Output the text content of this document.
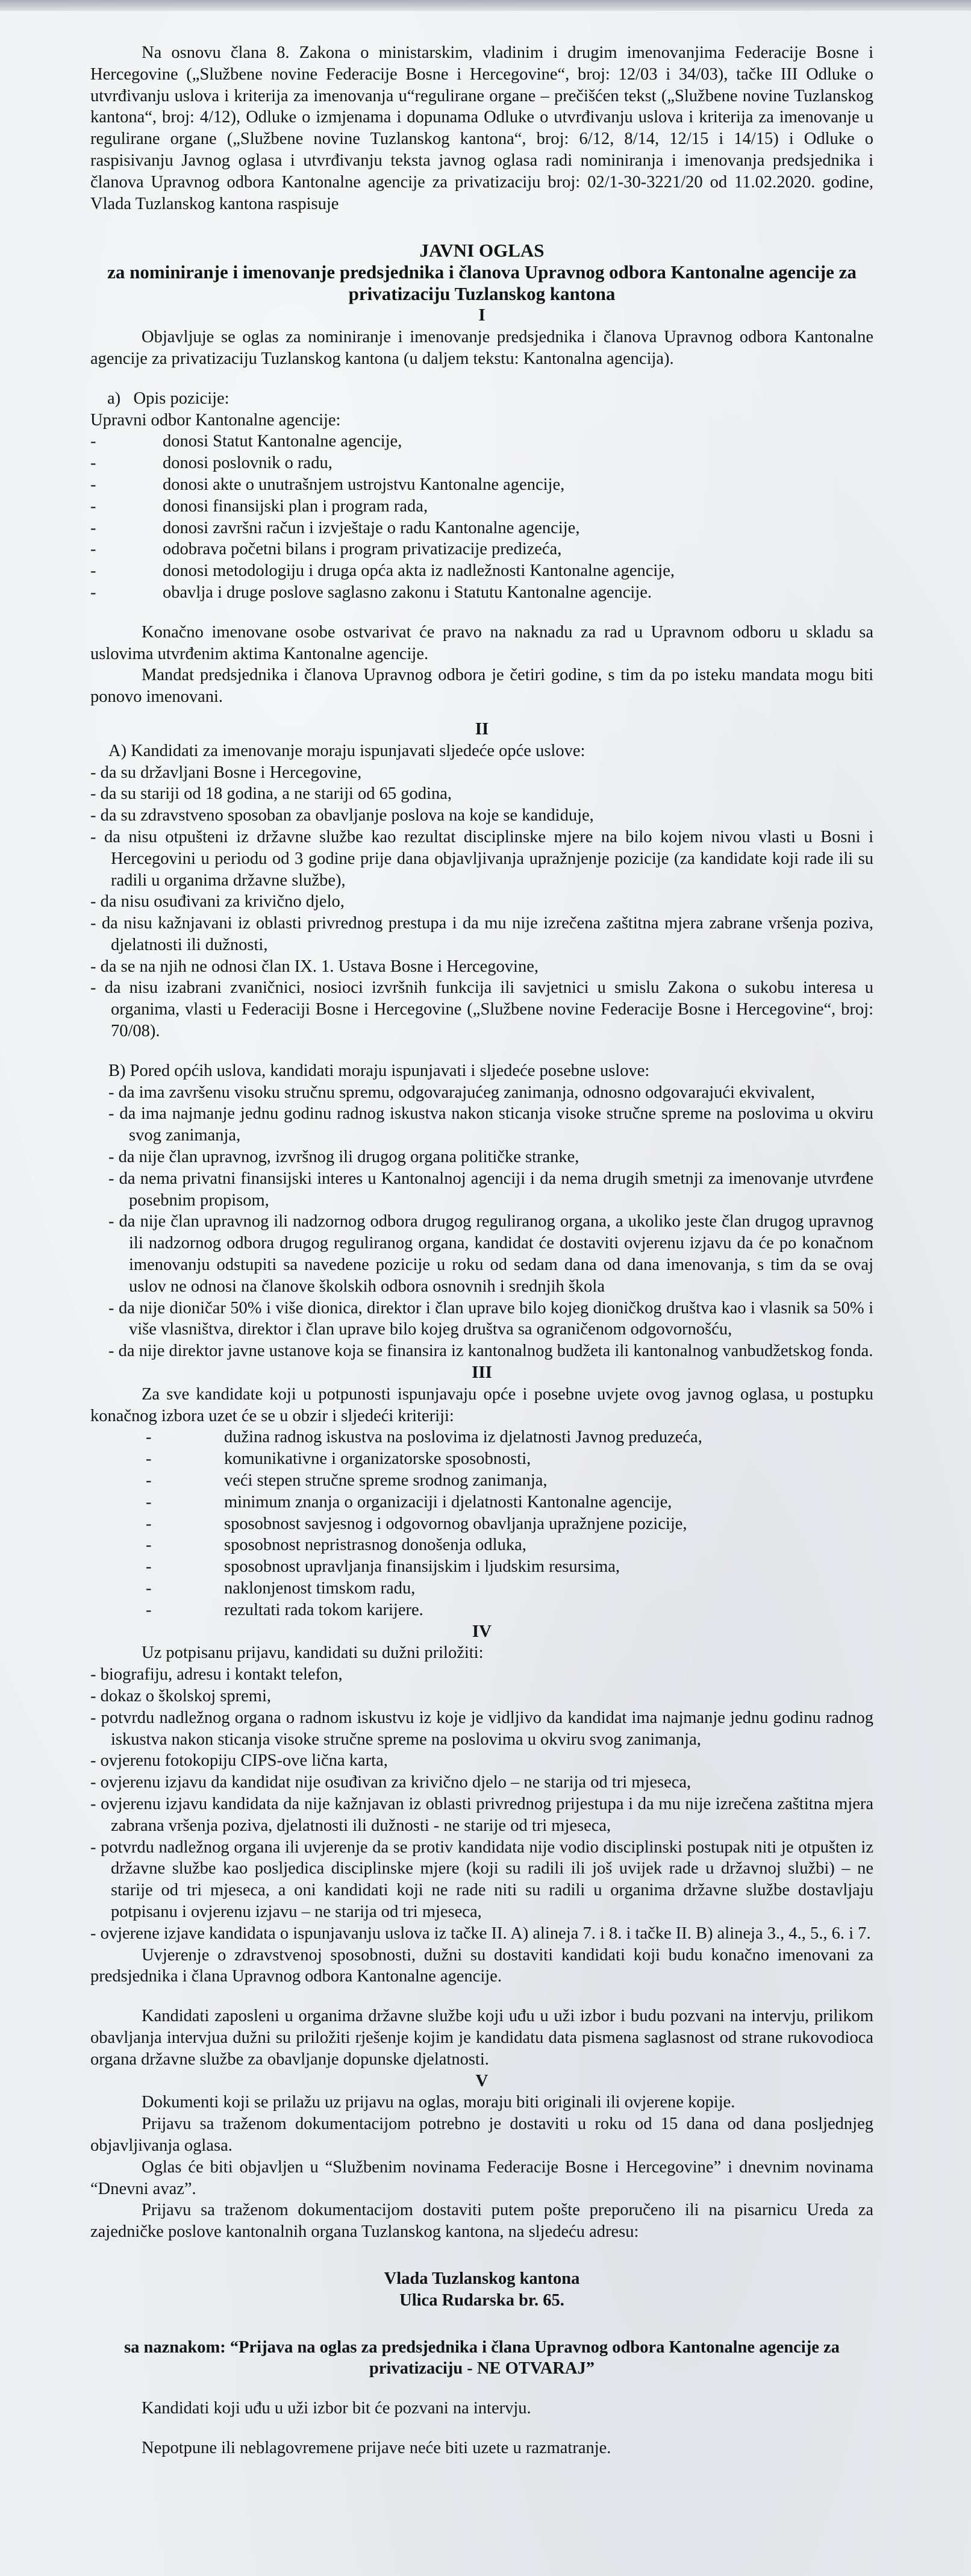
Na osnovu člana 8. Zakona o ministarskim, vladinim i drugim imenovanjima Federacije Bosne i Hercegovine („Službene novine Federacije Bosne i Hercegovine“, broj: 12/03 i 34/03), tačke III Odluke o utvrđivanju uslova i kriterija za imenovanja u“regulirane organe – prečišćen tekst („Službene novine Tuzlanskog kantona“, broj: 4/12), Odluke o izmjenama i dopunama Odluke o utvrđivanju uslova i kriterija za imenovanje u regulirane organe („Službene novine Tuzlanskog kantona“, broj: 6/12, 8/14, 12/15 i 14/15) i Odluke o raspisivanju Javnog oglasa i utvrđivanju teksta javnog oglasa radi nominiranja i imenovanja predsjednika i članova Upravnog odbora Kantonalne agencije za privatizaciju broj: 02/1-30-3221/20 od 11.02.2020. godine, Vlada Tuzlanskog kantona raspisuje

JAVNI OGLAS

za nominiranje i imenovanje predsjednika i članova Upravnog odbora Kantonalne agencije za privatizaciju Tuzlanskog kantona

I

Objavljuje se oglas za nominiranje i imenovanje predsjednika i članova Upravnog odbora Kantonalne agencije za privatizaciju Tuzlanskog kantona (u daljem tekstu: Kantonalna agencija).

a)   Opis pozicije:

Upravni odbor Kantonalne agencije:

- donosi Statut Kantonalne agencije,
- donosi poslovnik o radu,
- donosi akte o unutrašnjem ustrojstvu Kantonalne agencije,
- donosi finansijski plan i program rada,
- donosi završni račun i izvještaje o radu Kantonalne agencije,
- odobrava početni bilans i program privatizacije predizeća,
- donosi metodologiju i druga opća akta iz nadležnosti Kantonalne agencije,
- obavlja i druge poslove saglasno zakonu i Statutu Kantonalne agencije.

Konačno imenovane osobe ostvarivat će pravo na naknadu za rad u Upravnom odboru u skladu sa uslovima utvrđenim aktima Kantonalne agencije.

Mandat predsjednika i članova Upravnog odbora je četiri godine, s tim da po isteku mandata mogu biti ponovo imenovani.

II

A) Kandidati za imenovanje moraju ispunjavati sljedeće opće uslove:

- da su državljani Bosne i Hercegovine,
- da su stariji od 18 godina, a ne stariji od 65 godina,
- da su zdravstveno sposoban za obavljanje poslova na koje se kandiduje,
- da nisu otpušteni iz državne službe kao rezultat disciplinske mjere na bilo kojem nivou vlasti u Bosni i Hercegovini u periodu od 3 godine prije dana objavljivanja upražnjenje pozicije (za kandidate koji rade ili su radili u organima državne službe),
- da nisu osuđivani za krivično djelo,
- da nisu kažnjavani iz oblasti privrednog prestupa i da mu nije izrečena zaštitna mjera zabrane vršenja poziva, djelatnosti ili dužnosti,
- da se na njih ne odnosi član IX. 1. Ustava Bosne i Hercegovine,
- da nisu izabrani zvaničnici, nosioci izvršnih funkcija ili savjetnici u smislu Zakona o sukobu interesa u organima, vlasti u Federaciji Bosne i Hercegovine („Službene novine Federacije Bosne i Hercegovine“, broj: 70/08).

B) Pored općih uslova, kandidati moraju ispunjavati i sljedeće posebne uslove:

- da ima završenu visoku stručnu spremu, odgovarajućeg zanimanja, odnosno odgovarajući ekvivalent,
- da ima najmanje jednu godinu radnog iskustva nakon sticanja visoke stručne spreme na poslovima u okviru svog zanimanja,
- da nije član upravnog, izvršnog ili drugog organa političke stranke,
- da nema privatni finansijski interes u Kantonalnoj agenciji i da nema drugih smetnji za imenovanje utvrđene posebnim propisom,
- da nije član upravnog ili nadzornog odbora drugog reguliranog organa, a ukoliko jeste član drugog upravnog ili nadzornog odbora drugog reguliranog organa, kandidat će dostaviti ovjerenu izjavu da će po konačnom imenovanju odstupiti sa navedene pozicije u roku od sedam dana od dana imenovanja, s tim da se ovaj uslov ne odnosi na članove školskih odbora osnovnih i srednjih škola
- da nije dioničar 50% i više dionica, direktor i član uprave bilo kojeg dioničkog društva kao i vlasnik sa 50% i više vlasništva, direktor i član uprave bilo kojeg društva sa ograničenom odgovornošću,
- da nije direktor javne ustanove koja se finansira iz kantonalnog budžeta ili kantonalnog vanbudžetskog fonda.

III

Za sve kandidate koji u potpunosti ispunjavaju opće i posebne uvjete ovog javnog oglasa, u postupku konačnog izbora uzet će se u obzir i sljedeći kriteriji:

- dužina radnog iskustva na poslovima iz djelatnosti Javnog preduzeća,
- komunikativne i organizatorske sposobnosti,
- veći stepen stručne spreme srodnog zanimanja,
- minimum znanja o organizaciji i djelatnosti Kantonalne agencije,
- sposobnost savjesnog i odgovornog obavljanja upražnjene pozicije,
- sposobnost nepristrasnog donošenja odluka,
- sposobnost upravljanja finansijskim i ljudskim resursima,
- naklonjenost timskom radu,
- rezultati rada tokom karijere.

IV

Uz potpisanu prijavu, kandidati su dužni priložiti:

- biografiju, adresu i kontakt telefon,
- dokaz o školskoj spremi,
- potvrdu nadležnog organa o radnom iskustvu iz koje je vidljivo da kandidat ima najmanje jednu godinu radnog iskustva nakon sticanja visoke stručne spreme na poslovima u okviru svog zanimanja,
- ovjerenu fotokopiju CIPS-ove lična karta,
- ovjerenu izjavu da kandidat nije osuđivan za krivično djelo – ne starija od tri mjeseca,
- ovjerenu izjavu kandidata da nije kažnjavan iz oblasti privrednog prijestupa i da mu nije izrečena zaštitna mjera zabrana vršenja poziva, djelatnosti ili dužnosti - ne starije od tri mjeseca,
- potvrdu nadležnog organa ili uvjerenje da se protiv kandidata nije vodio disciplinski postupak niti je otpušten iz državne službe kao posljedica disciplinske mjere (koji su radili ili još uvijek rade u državnoj službi) – ne starije od tri mjeseca, a oni kandidati koji ne rade niti su radili u organima državne službe dostavljaju potpisanu i ovjerenu izjavu – ne starija od tri mjeseca,
- ovjerene izjave kandidata o ispunjavanju uslova iz tačke II. A) alineja 7. i 8. i tačke II. B) alineja 3., 4., 5., 6. i 7.

Uvjerenje o zdravstvenoj sposobnosti, dužni su dostaviti kandidati koji budu konačno imenovani za predsjednika i člana Upravnog odbora Kantonalne agencije.

Kandidati zaposleni u organima državne službe koji uđu u uži izbor i budu pozvani na intervju, prilikom obavljanja intervjua dužni su priložiti rješenje kojim je kandidatu data pismena saglasnost od strane rukovodioca organa državne službe za obavljanje dopunske djelatnosti.

V

Dokumenti koji se prilažu uz prijavu na oglas, moraju biti originali ili ovjerene kopije.

Prijavu sa traženom dokumentacijom potrebno je dostaviti u roku od 15 dana od dana posljednjeg objavljivanja oglasa.

Oglas će biti objavljen u “Službenim novinama Federacije Bosne i Hercegovine” i dnevnim novinama “Dnevni avaz”.

Prijavu sa traženom dokumentacijom dostaviti putem pošte preporučeno ili na pisarnicu Ureda za zajedničke poslove kantonalnih organa Tuzlanskog kantona, na sljedeću adresu:

Vlada Tuzlanskog kantona

Ulica Rudarska br. 65.

sa naznakom: “Prijava na oglas za predsjednika i člana Upravnog odbora Kantonalne agencije za privatizaciju - NE OTVARAJ”

Kandidati koji uđu u uži izbor bit će pozvani na intervju.

Nepotpune ili neblagovremene prijave neće biti uzete u razmatranje.
